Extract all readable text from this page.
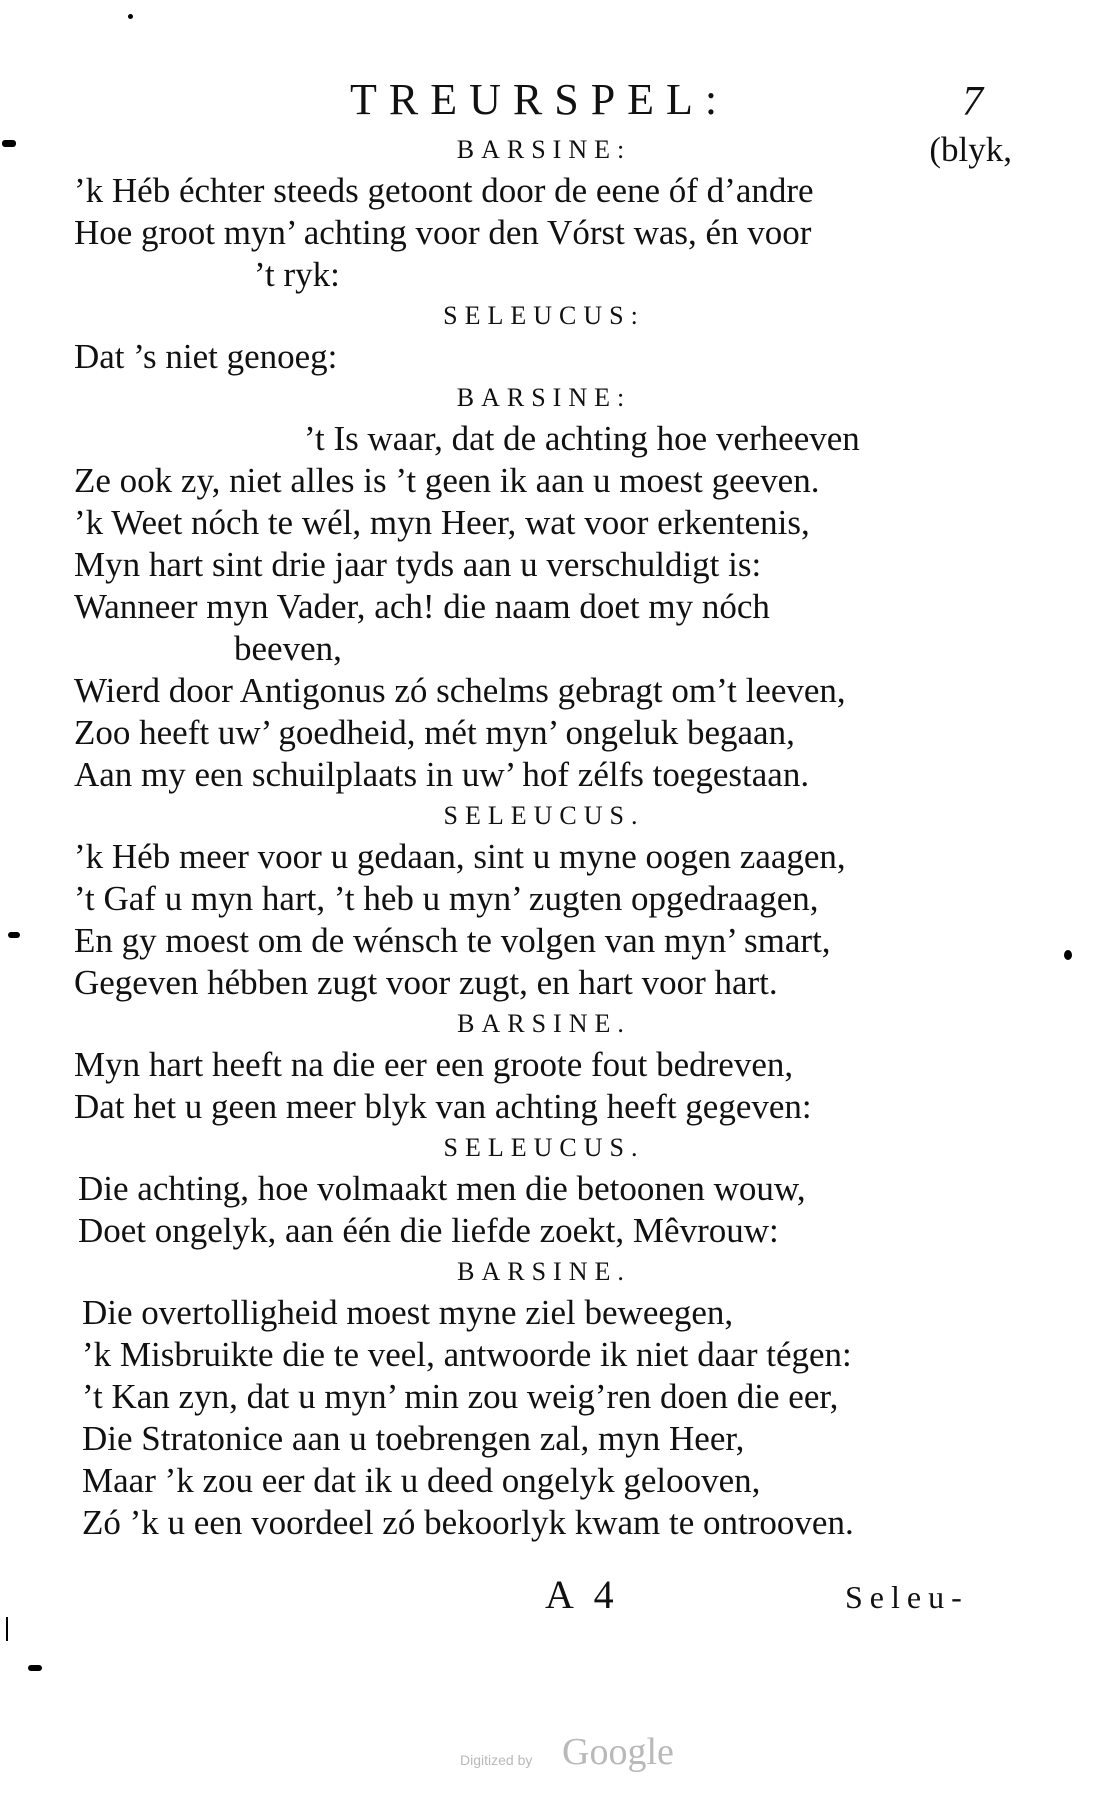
TREURSPEL:	7
BARSINE:	(blyk,
’k Héb échter steeds getoont door de eene óf d’andre
Hoe groot myn’ achting voor den Vórst was, én voor
’t ryk:
SELEUCUS:
Dat ’s niet genoeg:
BARSINE:
’t Is waar, dat de achting hoe verheeven
Ze ook zy, niet alles is ’t geen ik aan u moest geeven.
’k Weet nóch te wél, myn Heer, wat voor erkentenis,
Myn hart sint drie jaar tyds aan u verschuldigt is:
Wanneer myn Vader, ach! die naam doet my nóch
beeven,
Wierd door Antigonus zó schelms gebragt om’t leeven,
Zoo heeft uw’ goedheid, mét myn’ ongeluk begaan,
Aan my een schuilplaats in uw’ hof zélfs toegestaan.
SELEUCUS.
’k Héb meer voor u gedaan, sint u myne oogen zaagen,
’t Gaf u myn hart, ’t heb u myn’ zugten opgedraagen,
En gy moest om de wénsch te volgen van myn’ smart,
Gegeven hébben zugt voor zugt, en hart voor hart.
BARSINE.
Myn hart heeft na die eer een groote fout bedreven,
Dat het u geen meer blyk van achting heeft gegeven:
SELEUCUS.
Die achting, hoe volmaakt men die betoonen wouw,
Doet ongelyk, aan één die liefde zoekt, Mêvrouw:
BARSINE.
Die overtolligheid moest myne ziel beweegen,
’k Misbruikte die te veel, antwoorde ik niet daar tégen:
’t Kan zyn, dat u myn’ min zou weig’ren doen die eer,
Die Stratonice aan u toebrengen zal, myn Heer,
Maar ’k zou eer dat ik u deed ongelyk gelooven,
Zó ’k u een voordeel zó bekoorlyk kwam te ontrooven.
A 4	Seleu-
Digitized by Google
